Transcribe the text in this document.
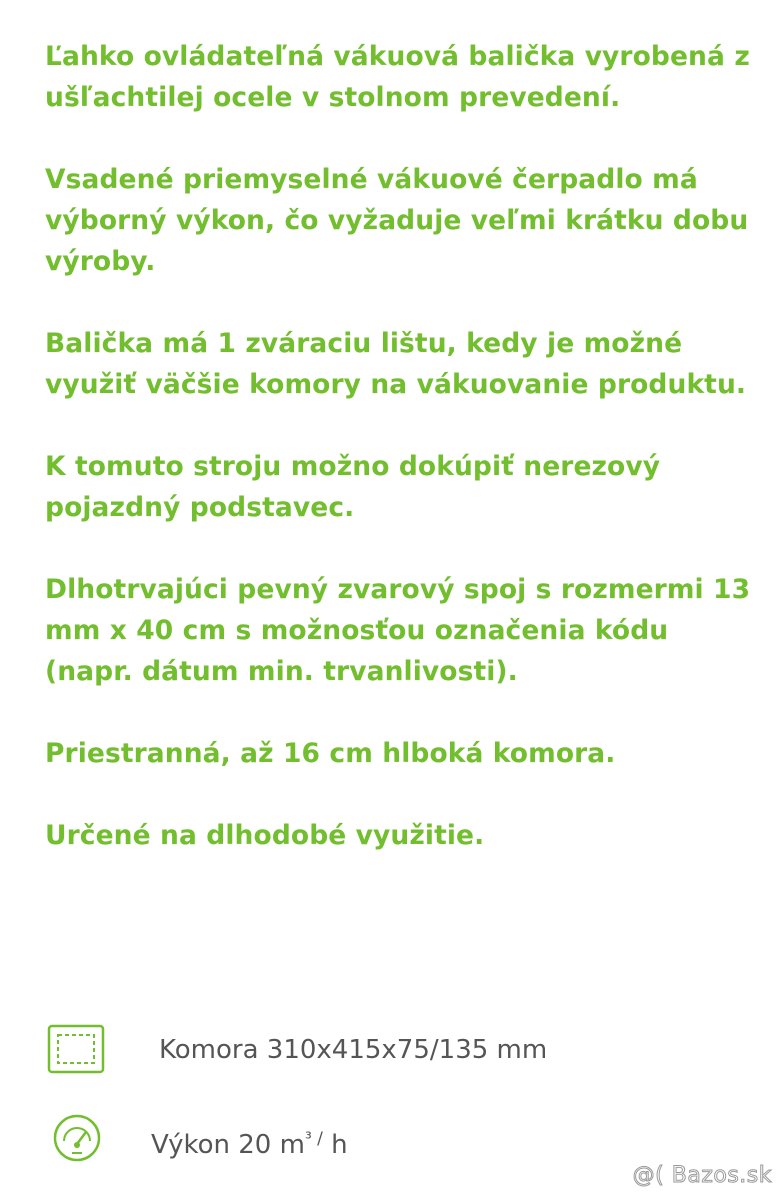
Ľahko ovládateľná vákuová balička vyrobená z ušľachtilej ocele v stolnom prevedení.

Vsadené priemyselné vákuové čerpadlo má výborný výkon, čo vyžaduje veľmi krátku dobu výroby.

Balička má 1 zváraciu lištu, kedy je možné využiť väčšie komory na vákuovanie produktu.

K tomuto stroju možno dokúpiť nerezový pojazdný podstavec.

Dlhotrvajúci pevný zvarový spoj s rozmermi 13 mm x 40 cm s možnosťou označenia kódu (napr. dátum min. trvanlivosti).

Priestranná, až 16 cm hlboká komora.

Určené na dlhodobé využitie.

Komora 310x415x75/135 mm
Výkon 20 $m^{^3 /}$ h
@( Bazos.sk
